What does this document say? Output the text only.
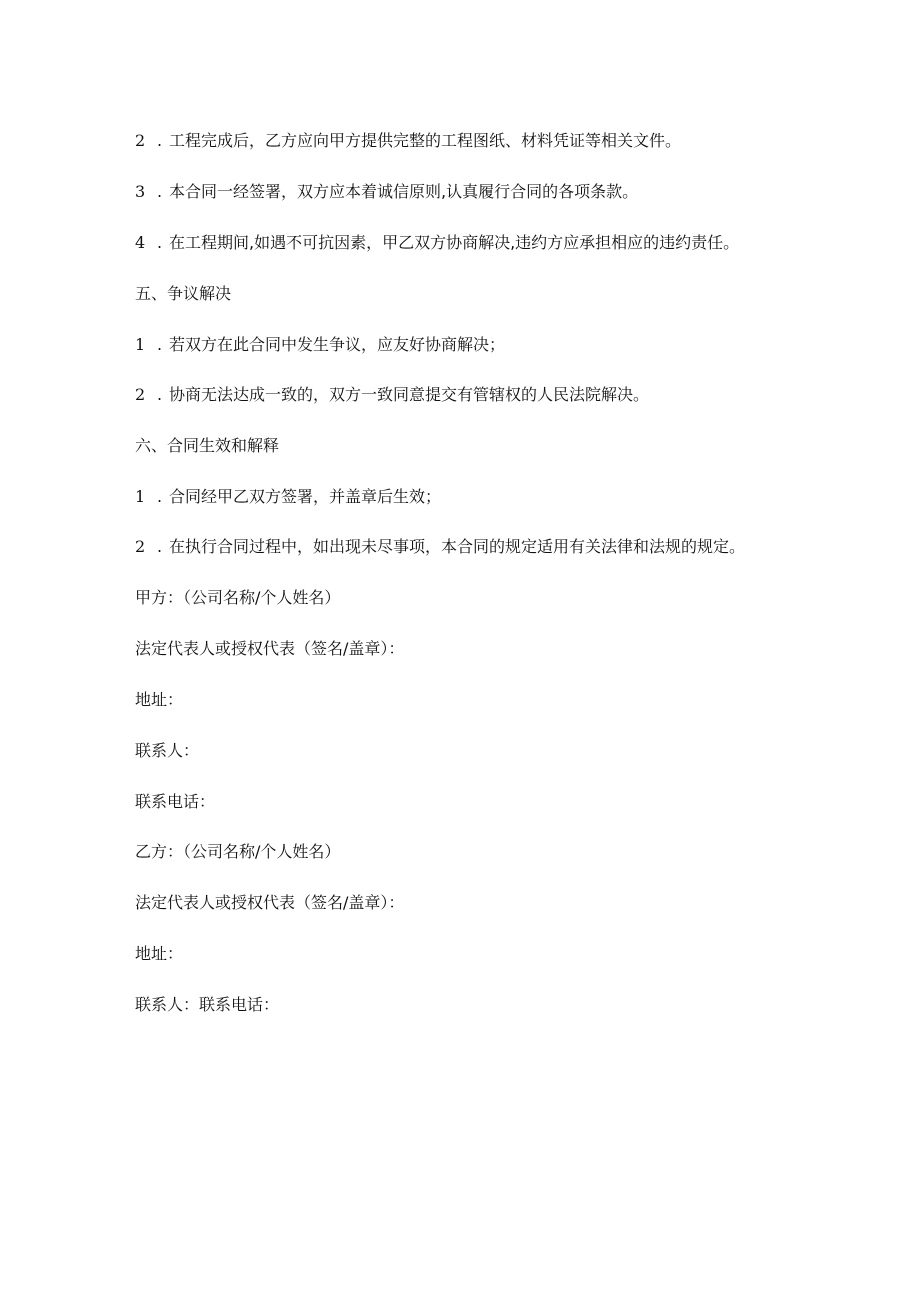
2 . 工程完成后，乙方应向甲方提供完整的工程图纸、材料凭证等相关文件。
3 . 本合同一经签署，双方应本着诚信原则,认真履行合同的各项条款。
4 . 在工程期间,如遇不可抗因素，甲乙双方协商解决,违约方应承担相应的违约责任。
五、争议解决
1 . 若双方在此合同中发生争议，应友好协商解决；
2 . 协商无法达成一致的，双方一致同意提交有管辖权的人民法院解决。
六、合同生效和解释
1 . 合同经甲乙双方签署，并盖章后生效；
2 . 在执行合同过程中，如出现未尽事项，本合同的规定适用有关法律和法规的规定。
甲方：（公司名称/个人姓名）
法定代表人或授权代表（签名/盖章）：
地址：
联系人：
联系电话：
乙方：（公司名称/个人姓名）
法定代表人或授权代表（签名/盖章）：
地址：
联系人：联系电话：
